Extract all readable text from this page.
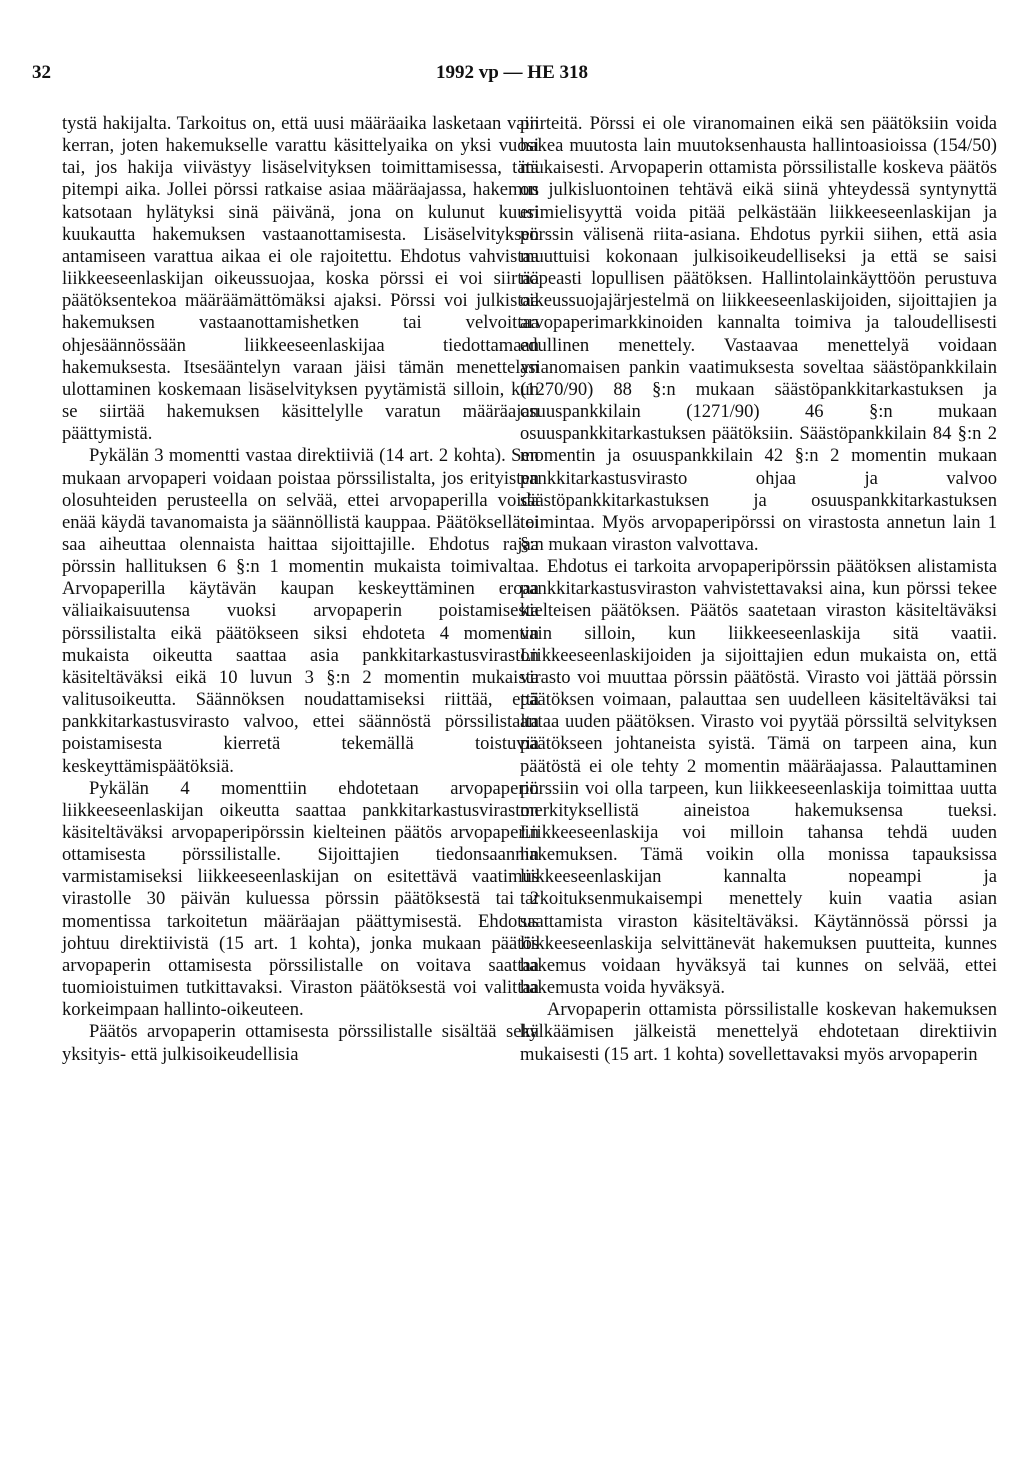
32	1992 vp — HE 318

tystä hakijalta. Tarkoitus on, että uusi määräaika lasketaan vain kerran, joten hakemukselle varattu käsittelyaika on yksi vuosi tai, jos hakija viivästyy lisäselvityksen toimittamisessa, tätä pitempi aika. Jollei pörssi ratkaise asiaa määräajassa, hakemus katsotaan hylätyksi sinä päivänä, jona on kulunut kuusi kuukautta hakemuksen vastaanottamisesta. Lisäselvityksen antamiseen varattua aikaa ei ole rajoitettu. Ehdotus vahvistaa liikkeeseenlaskijan oikeussuojaa, koska pörssi ei voi siirtää päätöksentekoa määräämättömäksi ajaksi. Pörssi voi julkistaa hakemuksen vastaanottamishetken tai velvoittaa ohjesäännössään liikkeeseenlaskijaa tiedottamaan hakemuksesta. Itsesääntelyn varaan jäisi tämän menettelyn ulottaminen koskemaan lisäselvityksen pyytämistä silloin, kun se siirtää hakemuksen käsittelylle varatun määräajan päättymistä.

Pykälän 3 momentti vastaa direktiiviä (14 art. 2 kohta). Sen mukaan arvopaperi voidaan poistaa pörssilistalta, jos erityisten olosuhteiden perusteella on selvää, ettei arvopaperilla voida enää käydä tavanomaista ja säännöllistä kauppaa. Päätöksellä ei saa aiheuttaa olennaista haittaa sijoittajille. Ehdotus rajaa pörssin hallituksen 6 §:n 1 momentin mukaista toimivaltaa. Arvopaperilla käytävän kaupan keskeyttäminen eroaa väliaikaisuutensa vuoksi arvopaperin poistamisesta pörssilistalta eikä päätökseen siksi ehdoteta 4 momentin mukaista oikeutta saattaa asia pankkitarkastusviraston käsiteltäväksi eikä 10 luvun 3 §:n 2 momentin mukaista valitusoikeutta. Säännöksen noudattamiseksi riittää, että pankkitarkastusvirasto valvoo, ettei säännöstä pörssilistalta poistamisesta kierretä tekemällä toistuvia keskeyttämispäätöksiä.

Pykälän 4 momenttiin ehdotetaan arvopaperin liikkeeseenlaskijan oikeutta saattaa pankkitarkastusviraston käsiteltäväksi arvopaperipörssin kielteinen päätös arvopaperin ottamisesta pörssilistalle. Sijoittajien tiedonsaannin varmistamiseksi liikkeeseenlaskijan on esitettävä vaatimus virastolle 30 päivän kuluessa pörssin päätöksestä tai 2 momentissa tarkoitetun määräajan päättymisestä. Ehdotus johtuu direktiivistä (15 art. 1 kohta), jonka mukaan päätös arvopaperin ottamisesta pörssilistalle on voitava saattaa tuomioistuimen tutkittavaksi. Viraston päätöksestä voi valittaa korkeimpaan hallinto-oikeuteen.

Päätös arvopaperin ottamisesta pörssilistalle sisältää sekä yksityis- että julkisoikeudellisia

piirteitä. Pörssi ei ole viranomainen eikä sen päätöksiin voida hakea muutosta lain muutoksenhausta hallintoasioissa (154/50) mukaisesti. Arvopaperin ottamista pörssilistalle koskeva päätös on julkisluontoinen tehtävä eikä siinä yhteydessä syntynyttä erimielisyyttä voida pitää pelkästään liikkeeseenlaskijan ja pörssin välisenä riita-asiana. Ehdotus pyrkii siihen, että asia muuttuisi kokonaan julkisoikeudelliseksi ja että se saisi nopeasti lopullisen päätöksen. Hallintolainkäyttöön perustuva oikeussuojajärjestelmä on liikkeeseenlaskijoiden, sijoittajien ja arvopaperimarkkinoiden kannalta toimiva ja taloudellisesti edullinen menettely. Vastaavaa menettelyä voidaan asianomaisen pankin vaatimuksesta soveltaa säästöpankkilain (1270/90) 88 §:n mukaan säästöpankkitarkastuksen ja osuuspankkilain (1271/90) 46 §:n mukaan osuuspankkitarkastuksen päätöksiin. Säästöpankkilain 84 §:n 2 momentin ja osuuspankkilain 42 §:n 2 momentin mukaan pankkitarkastusvirasto ohjaa ja valvoo säästöpankkitarkastuksen ja osuuspankkitarkastuksen toimintaa. Myös arvopaperipörssi on virastosta annetun lain 1 §:n mukaan viraston valvottava.

Ehdotus ei tarkoita arvopaperipörssin päätöksen alistamista pankkitarkastusviraston vahvistettavaksi aina, kun pörssi tekee kielteisen päätöksen. Päätös saatetaan viraston käsiteltäväksi vain silloin, kun liikkeeseenlaskija sitä vaatii. Liikkeeseenlaskijoiden ja sijoittajien edun mukaista on, että virasto voi muuttaa pörssin päätöstä. Virasto voi jättää pörssin päätöksen voimaan, palauttaa sen uudelleen käsiteltäväksi tai antaa uuden päätöksen. Virasto voi pyytää pörssiltä selvityksen päätökseen johtaneista syistä. Tämä on tarpeen aina, kun päätöstä ei ole tehty 2 momentin määräajassa. Palauttaminen pörssiin voi olla tarpeen, kun liikkeeseenlaskija toimittaa uutta merkityksellistä aineistoa hakemuksensa tueksi. Liikkeeseenlaskija voi milloin tahansa tehdä uuden hakemuksen. Tämä voikin olla monissa tapauksissa liikkeeseenlaskijan kannalta nopeampi ja tarkoituksenmukaisempi menettely kuin vaatia asian saattamista viraston käsiteltäväksi. Käytännössä pörssi ja liikkeeseenlaskija selvittänevät hakemuksen puutteita, kunnes hakemus voidaan hyväksyä tai kunnes on selvää, ettei hakemusta voida hyväksyä.

Arvopaperin ottamista pörssilistalle koskevan hakemuksen hylkäämisen jälkeistä menettelyä ehdotetaan direktiivin mukaisesti (15 art. 1 kohta) sovellettavaksi myös arvopaperin
